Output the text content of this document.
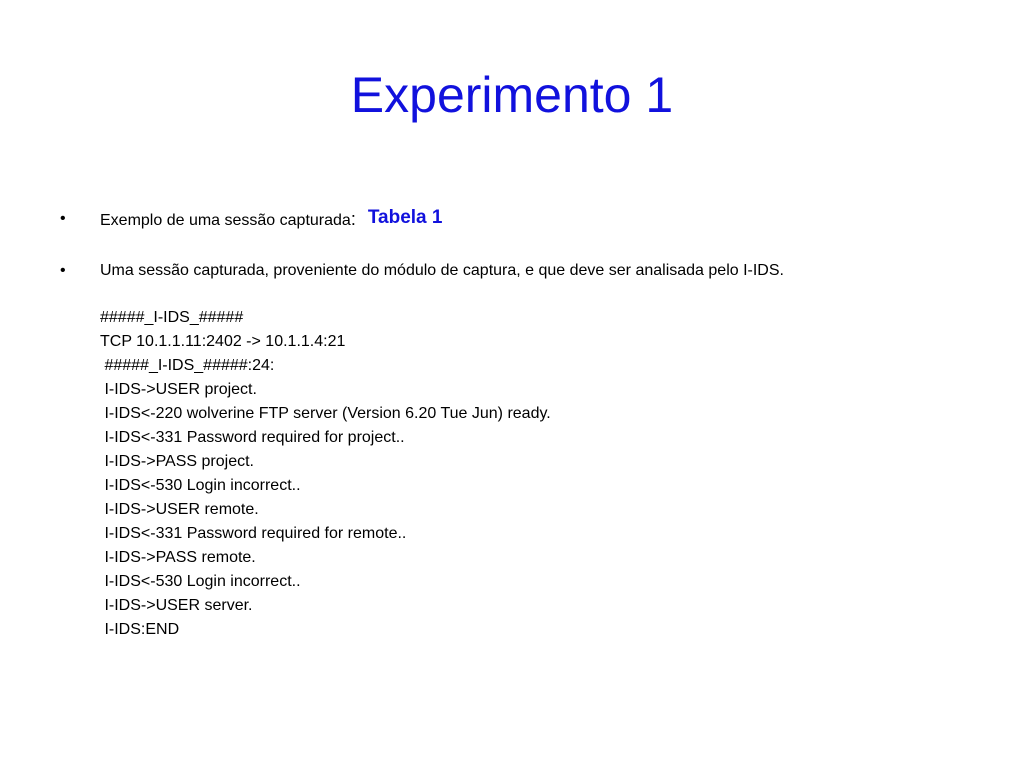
Experimento 1
• Exemplo de uma sessão capturada: Tabela 1
• Uma sessão capturada, proveniente do módulo de captura, e que deve ser analisada pelo I-IDS.
#####_I-IDS_#####
TCP 10.1.1.11:2402 -> 10.1.1.4:21
#####_I-IDS_#####:24:
I-IDS->USER project.
I-IDS<-220 wolverine FTP server (Version 6.20 Tue Jun) ready.
I-IDS<-331 Password required for project..
I-IDS->PASS project.
I-IDS<-530 Login incorrect..
I-IDS->USER remote.
I-IDS<-331 Password required for remote..
I-IDS->PASS remote.
I-IDS<-530 Login incorrect..
I-IDS->USER server.
I-IDS:END
